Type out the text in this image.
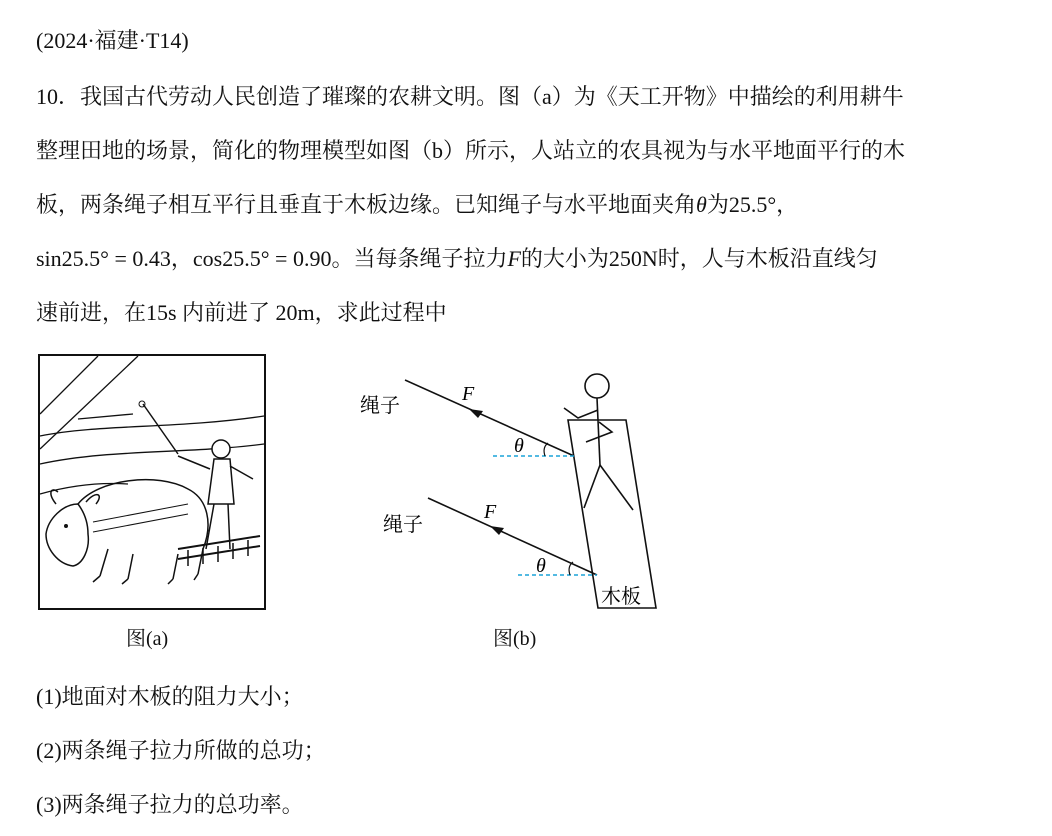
(2024·福建·T14)
10．我国古代劳动人民创造了璀璨的农耕文明。图（a）为《天工开物》中描绘的利用耕牛
整理田地的场景，简化的物理模型如图（b）所示，人站立的农具视为与水平地面平行的木
板，两条绳子相互平行且垂直于木板边缘。已知绳子与水平地面夹角θ为25.5°，
sin25.5° = 0.43，cos25.5° = 0.90。当每条绳子拉力F的大小为250N时，人与木板沿直线匀
速前进，在15s 内前进了 20m，求此过程中
图(a)
绳子
F
θ
绳子
F
θ
木板
图(b)
(1)地面对木板的阻力大小；
(2)两条绳子拉力所做的总功；
(3)两条绳子拉力的总功率。
